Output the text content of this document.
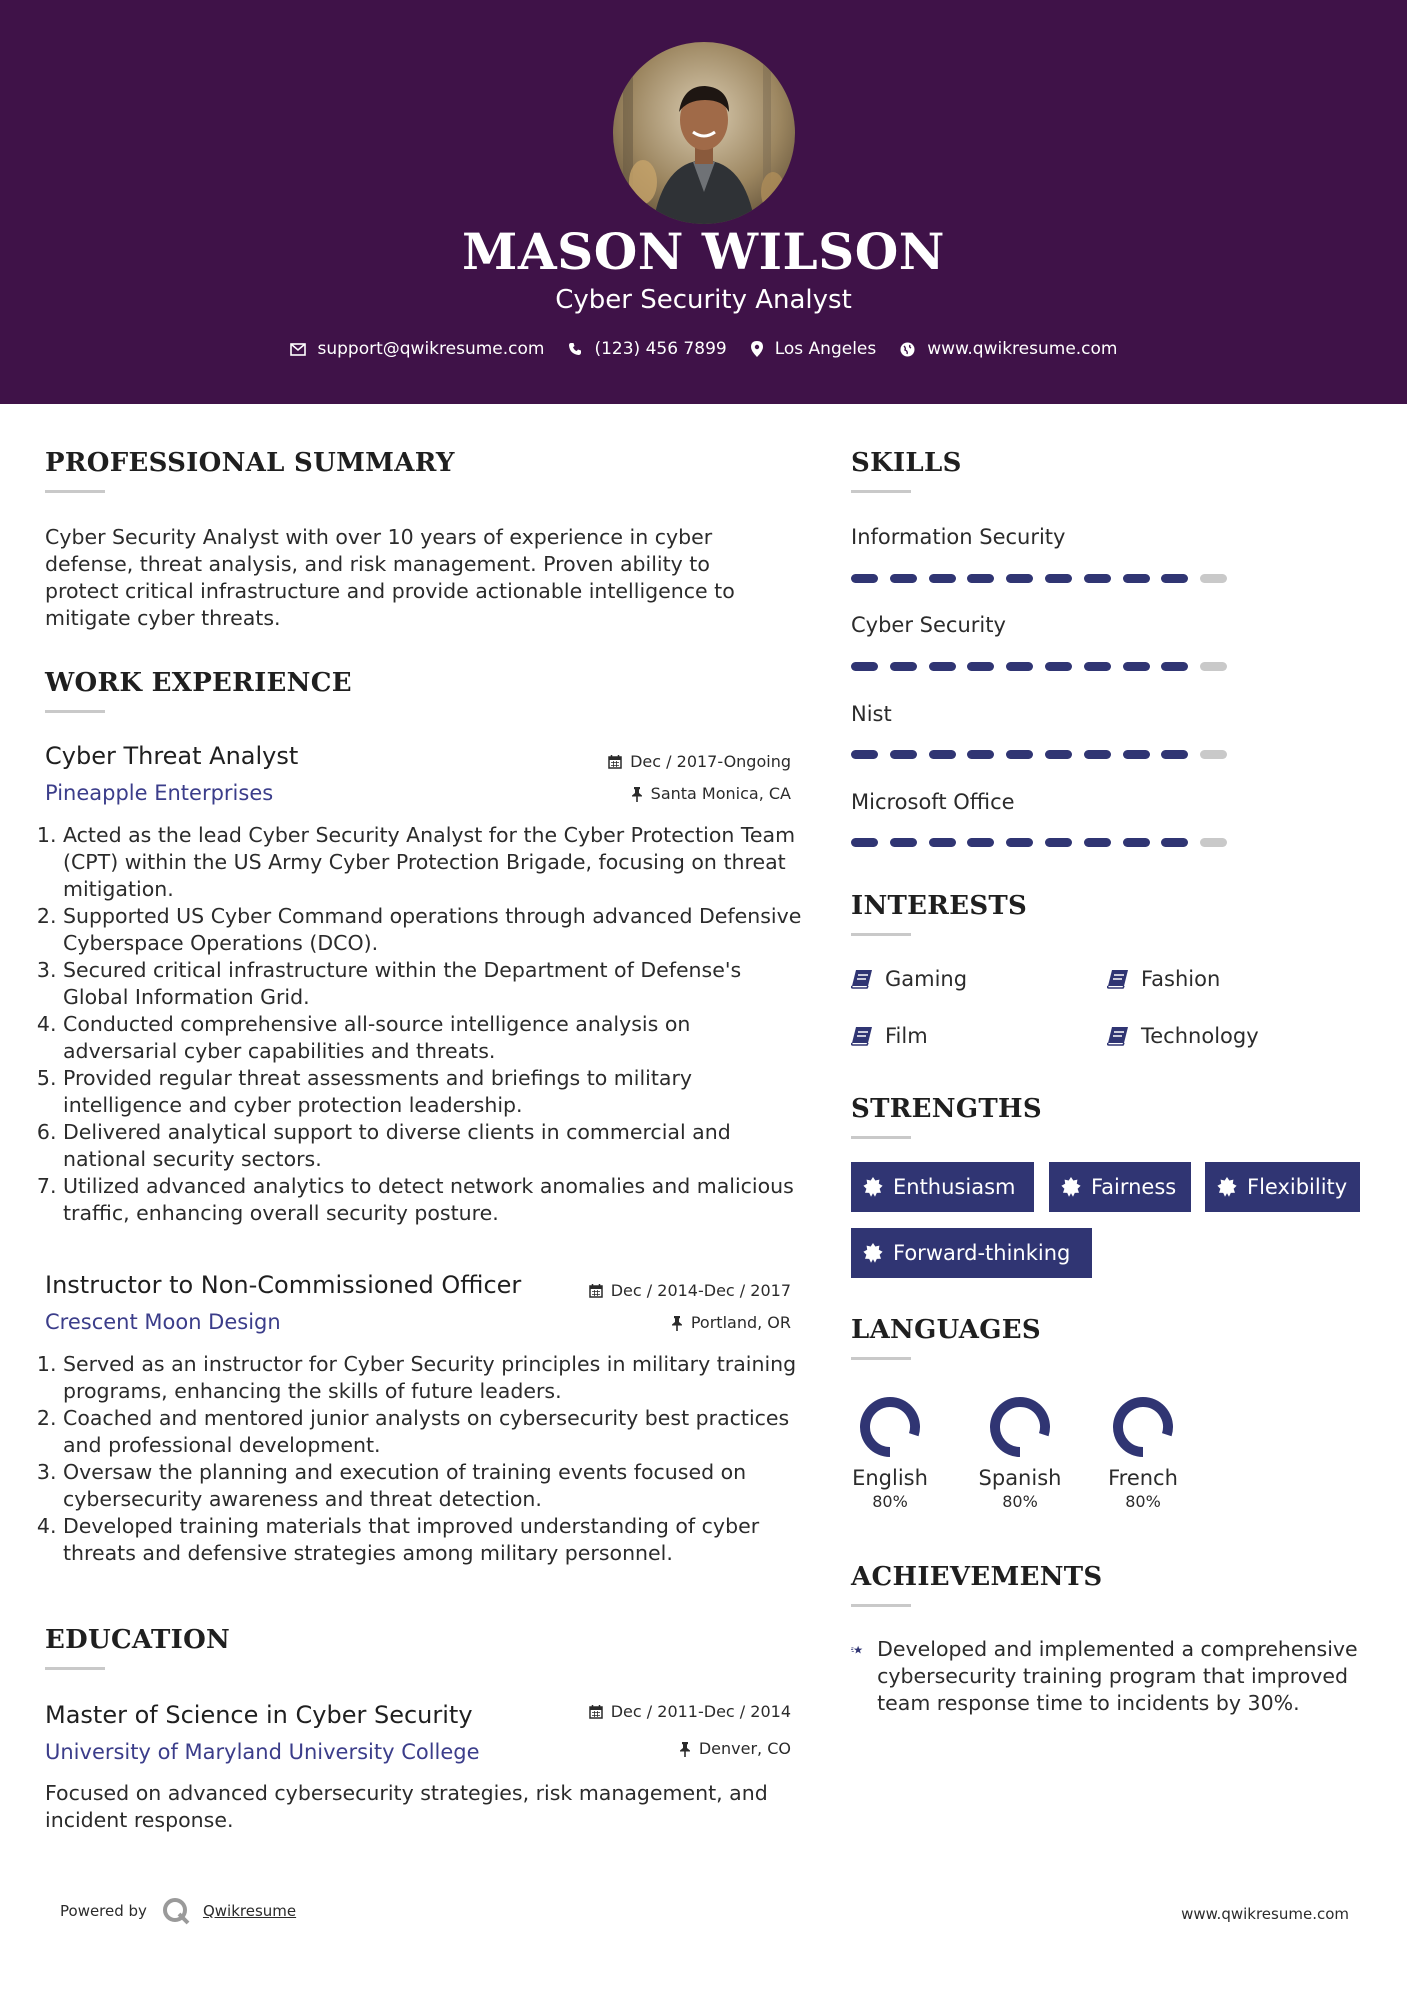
MASON WILSON
Cyber Security Analyst
support@qwikresume.com	(123) 456 7899	Los Angeles	www.qwikresume.com
PROFESSIONAL SUMMARY
Cyber Security Analyst with over 10 years of experience in cyber defense, threat analysis, and risk management. Proven ability to protect critical infrastructure and provide actionable intelligence to mitigate cyber threats.
WORK EXPERIENCE
Cyber Threat Analyst	Dec / 2017-Ongoing
Pineapple Enterprises	Santa Monica, CA
1. Acted as the lead Cyber Security Analyst for the Cyber Protection Team (CPT) within the US Army Cyber Protection Brigade, focusing on threat mitigation.
2. Supported US Cyber Command operations through advanced Defensive Cyberspace Operations (DCO).
3. Secured critical infrastructure within the Department of Defense's Global Information Grid.
4. Conducted comprehensive all-source intelligence analysis on adversarial cyber capabilities and threats.
5. Provided regular threat assessments and briefings to military intelligence and cyber protection leadership.
6. Delivered analytical support to diverse clients in commercial and national security sectors.
7. Utilized advanced analytics to detect network anomalies and malicious traffic, enhancing overall security posture.
Instructor to Non-Commissioned Officer	Dec / 2014-Dec / 2017
Crescent Moon Design	Portland, OR
1. Served as an instructor for Cyber Security principles in military training programs, enhancing the skills of future leaders.
2. Coached and mentored junior analysts on cybersecurity best practices and professional development.
3. Oversaw the planning and execution of training events focused on cybersecurity awareness and threat detection.
4. Developed training materials that improved understanding of cyber threats and defensive strategies among military personnel.
EDUCATION
Master of Science in Cyber Security	Dec / 2011-Dec / 2014
University of Maryland University College	Denver, CO
Focused on advanced cybersecurity strategies, risk management, and incident response.
SKILLS
Information Security
Cyber Security
Nist
Microsoft Office
INTERESTS
Gaming	Fashion
Film	Technology
STRENGTHS
Enthusiasm	Fairness	Flexibility
Forward-thinking
LANGUAGES
English
80%
Spanish
80%
French
80%
ACHIEVEMENTS
Developed and implemented a comprehensive cybersecurity training program that improved team response time to incidents by 30%.
Powered by	Qwikresume	www.qwikresume.com
